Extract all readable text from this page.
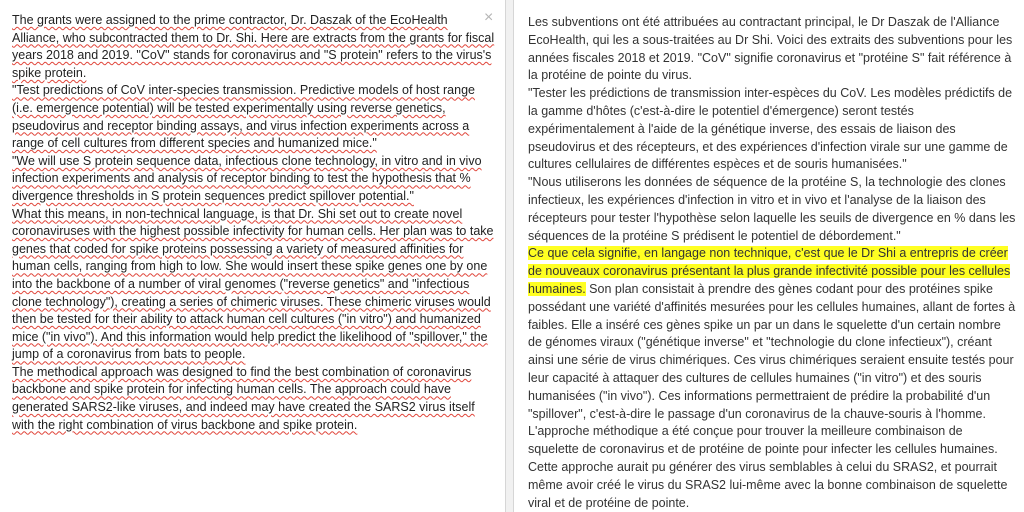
The grants were assigned to the prime contractor, Dr. Daszak of the EcoHealth Alliance, who subcontracted them to Dr. Shi. Here are extracts from the grants for fiscal years 2018 and 2019. "CoV" stands for coronavirus and "S protein" refers to the virus's spike protein.

"Test predictions of CoV inter-species transmission. Predictive models of host range (i.e. emergence potential) will be tested experimentally using reverse genetics, pseudovirus and receptor binding assays, and virus infection experiments across a range of cell cultures from different species and humanized mice."

"We will use S protein sequence data, infectious clone technology, in vitro and in vivo infection experiments and analysis of receptor binding to test the hypothesis that % divergence thresholds in S protein sequences predict spillover potential."

What this means, in non-technical language, is that Dr. Shi set out to create novel coronaviruses with the highest possible infectivity for human cells. Her plan was to take genes that coded for spike proteins possessing a variety of measured affinities for human cells, ranging from high to low. She would insert these spike genes one by one into the backbone of a number of viral genomes ("reverse genetics" and "infectious clone technology"), creating a series of chimeric viruses. These chimeric viruses would then be tested for their ability to attack human cell cultures ("in vitro") and humanized mice ("in vivo"). And this information would help predict the likelihood of "spillover," the jump of a coronavirus from bats to people.

The methodical approach was designed to find the best combination of coronavirus backbone and spike protein for infecting human cells. The approach could have generated SARS2-like viruses, and indeed may have created the SARS2 virus itself with the right combination of virus backbone and spike protein.

×	Les subventions ont été attribuées au contractant principal, le Dr Daszak de l'Alliance EcoHealth, qui les a sous-traitées au Dr Shi. Voici des extraits des subventions pour les années fiscales 2018 et 2019. "CoV" signifie coronavirus et "protéine S" fait référence à la protéine de pointe du virus.

"Tester les prédictions de transmission inter-espèces du CoV. Les modèles prédictifs de la gamme d'hôtes (c'est-à-dire le potentiel d'émergence) seront testés expérimentalement à l'aide de la génétique inverse, des essais de liaison des pseudovirus et des récepteurs, et des expériences d'infection virale sur une gamme de cultures cellulaires de différentes espèces et de souris humanisées."

"Nous utiliserons les données de séquence de la protéine S, la technologie des clones infectieux, les expériences d'infection in vitro et in vivo et l'analyse de la liaison des récepteurs pour tester l'hypothèse selon laquelle les seuils de divergence en % dans les séquences de la protéine S prédisent le potentiel de débordement."

Ce que cela signifie, en langage non technique, c'est que le Dr Shi a entrepris de créer de nouveaux coronavirus présentant la plus grande infectivité possible pour les cellules humaines. Son plan consistait à prendre des gènes codant pour des protéines spike possédant une variété d'affinités mesurées pour les cellules humaines, allant de fortes à faibles. Elle a inséré ces gènes spike un par un dans le squelette d'un certain nombre de génomes viraux ("génétique inverse" et "technologie du clone infectieux"), créant ainsi une série de virus chimériques. Ces virus chimériques seraient ensuite testés pour leur capacité à attaquer des cultures de cellules humaines ("in vitro") et des souris humanisées ("in vivo"). Ces informations permettraient de prédire la probabilité d'un "spillover", c'est-à-dire le passage d'un coronavirus de la chauve-souris à l'homme.

L'approche méthodique a été conçue pour trouver la meilleure combinaison de squelette de coronavirus et de protéine de pointe pour infecter les cellules humaines. Cette approche aurait pu générer des virus semblables à celui du SRAS2, et pourrait même avoir créé le virus du SRAS2 lui-même avec la bonne combinaison de squelette viral et de protéine de pointe.
